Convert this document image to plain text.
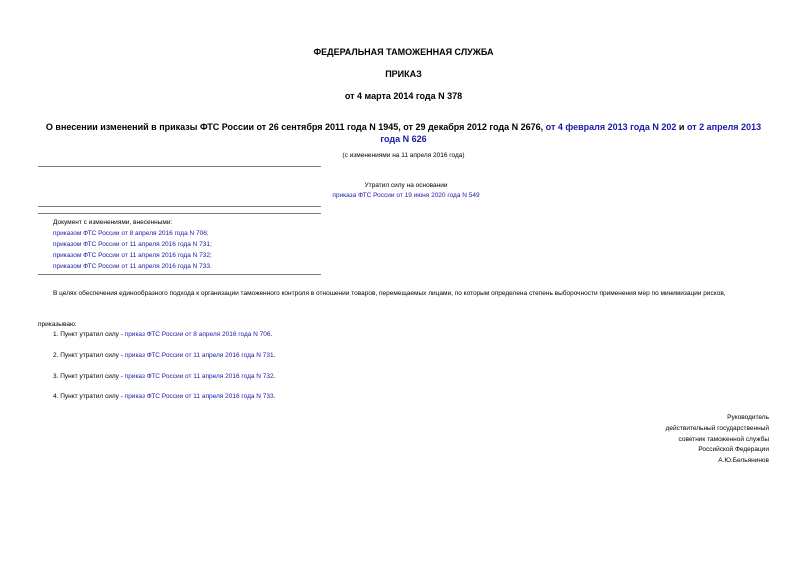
ФЕДЕРАЛЬНАЯ ТАМОЖЕННАЯ СЛУЖБА
ПРИКАЗ
от 4 марта 2014 года N 378
О внесении изменений в приказы ФТС России от 26 сентября 2011 года N 1945, от 29 декабря 2012 года N 2676, от 4 февраля 2013 года N 202 и от 2 апреля 2013 года N 626
(с изменениями на 11 апреля 2016 года)
Утратил силу на основании
приказа ФТС России от 19 июня 2020 года N 549
Документ с изменениями, внесенными:
приказом ФТС России от 8 апреля 2016 года N 706;
приказом ФТС России от 11 апреля 2016 года N 731;
приказом ФТС России от 11 апреля 2016 года N 732;
приказом ФТС России от 11 апреля 2016 года N 733.
В целях обеспечения единообразного подхода к организации таможенного контроля в отношении товаров, перемещаемых лицами, по которым определена степень выборочности применения мер по минимизации рисков,
приказываю:
1. Пункт утратил силу - приказ ФТС России от 8 апреля 2016 года N 706.
2. Пункт утратил силу - приказ ФТС России от 11 апреля 2016 года N 731.
3. Пункт утратил силу - приказ ФТС России от 11 апреля 2016 года N 732.
4. Пункт утратил силу - приказ ФТС России от 11 апреля 2016 года N 733.
Руководитель
действительный государственный
советник таможенной службы
Российской Федерации
А.Ю.Бельянинов
